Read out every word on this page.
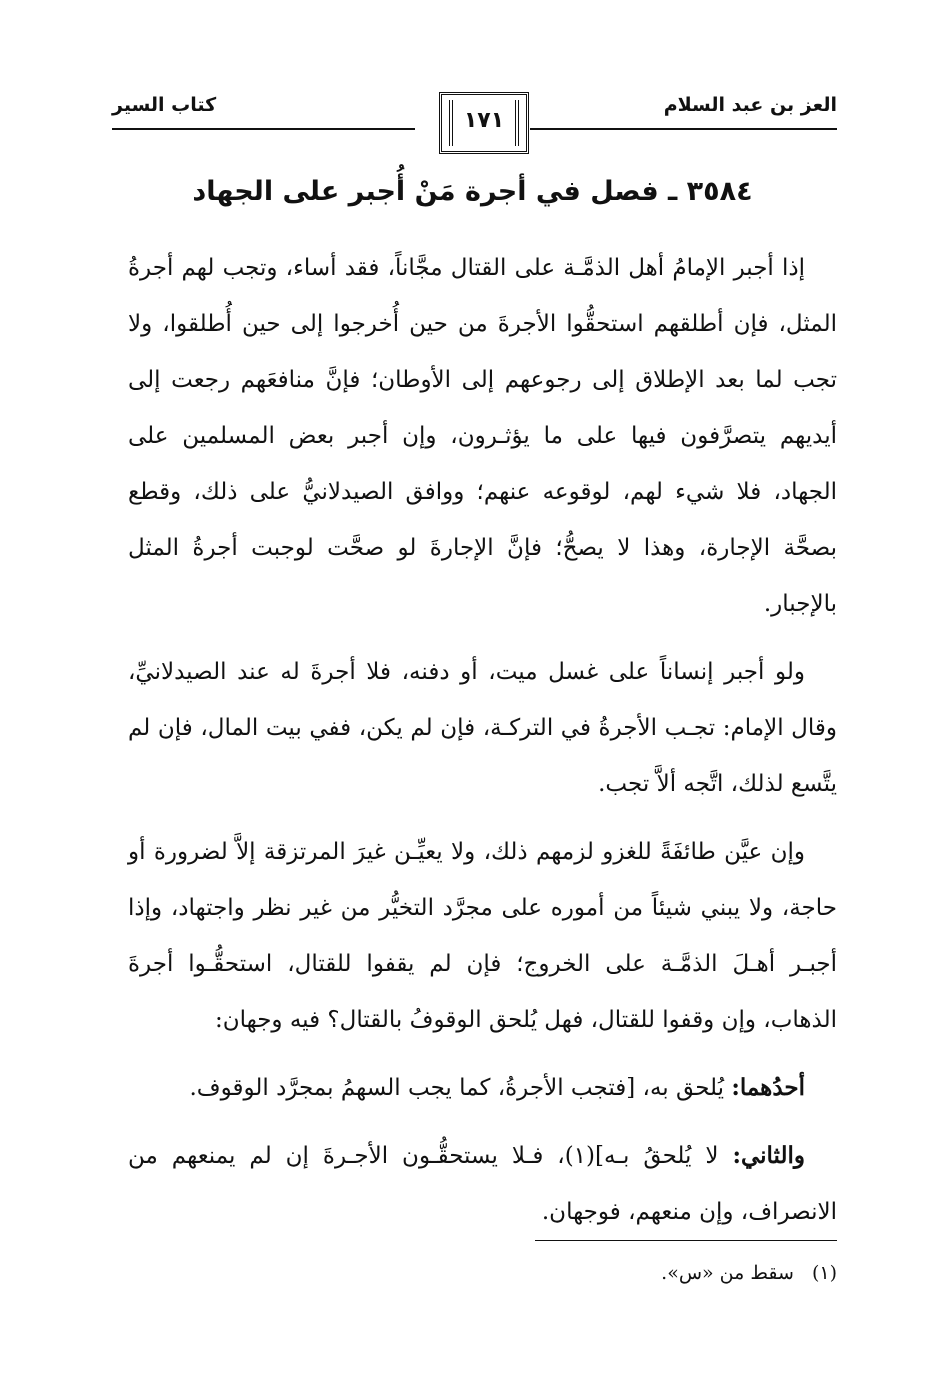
العز بن عبد السلام
كتاب السير
١٧١
٣٥٨٤ ـ فصل في أجرة مَنْ أُجبر على الجهاد

إذا أجبر الإمامُ أهل الذمَّـة على القتال مجَّاناً، فقد أساء، وتجب لهم أجرةُ المثل، فإن أطلقهم استحقُّوا الأجرةَ من حين أُخرجوا إلى حين أُطلقوا، ولا تجب لما بعد الإطلاق إلى رجوعهم إلى الأوطان؛ فإنَّ منافعَهم رجعت إلى أيديهم يتصرَّفون فيها على ما يؤثـرون، وإن أجبر بعض المسلمين على الجهاد، فلا شيء لهم، لوقوعه عنهم؛ ووافق الصيدلانيُّ على ذلك، وقطع بصحَّة الإجارة، وهذا لا يصحُّ؛ فإنَّ الإجارةَ لو صحَّت لوجبت أجرةُ المثل بالإجبار.

ولو أجبر إنساناً على غسل ميت، أو دفنه، فلا أجرةَ له عند الصيدلانيِّ، وقال الإمام: تجـب الأجرةُ في التركـة، فإن لم يكن، ففي بيت المال، فإن لم يتَّسع لذلك، اتَّجه ألاَّ تجب.

وإن عيَّن طائفَةً للغزو لزمهم ذلك، ولا يعيِّـن غيرَ المرتزقة إلاَّ لضرورة أو حاجة، ولا يبني شيئاً من أموره على مجرَّد التخيُّر من غير نظر واجتهاد، وإذا أجبـر أهـلَ الذمَّـة على الخروج؛ فإن لم يقفوا للقتال، استحقُّـوا أجرةَ الذهاب، وإن وقفوا للقتال، فهل يُلحق الوقوفُ بالقتال؟ فيه وجهان:

أحدُهما: يُلحق به، [فتجب الأجرةُ، كما يجب السهمُ بمجرَّد الوقوف.

والثاني: لا يُلحقُ بـه](١)، فـلا يستحقُّـون الأجـرةَ إن لم يمنعهم من الانصراف، وإن منعهم، فوجهان.

(١)سقط من «س».
